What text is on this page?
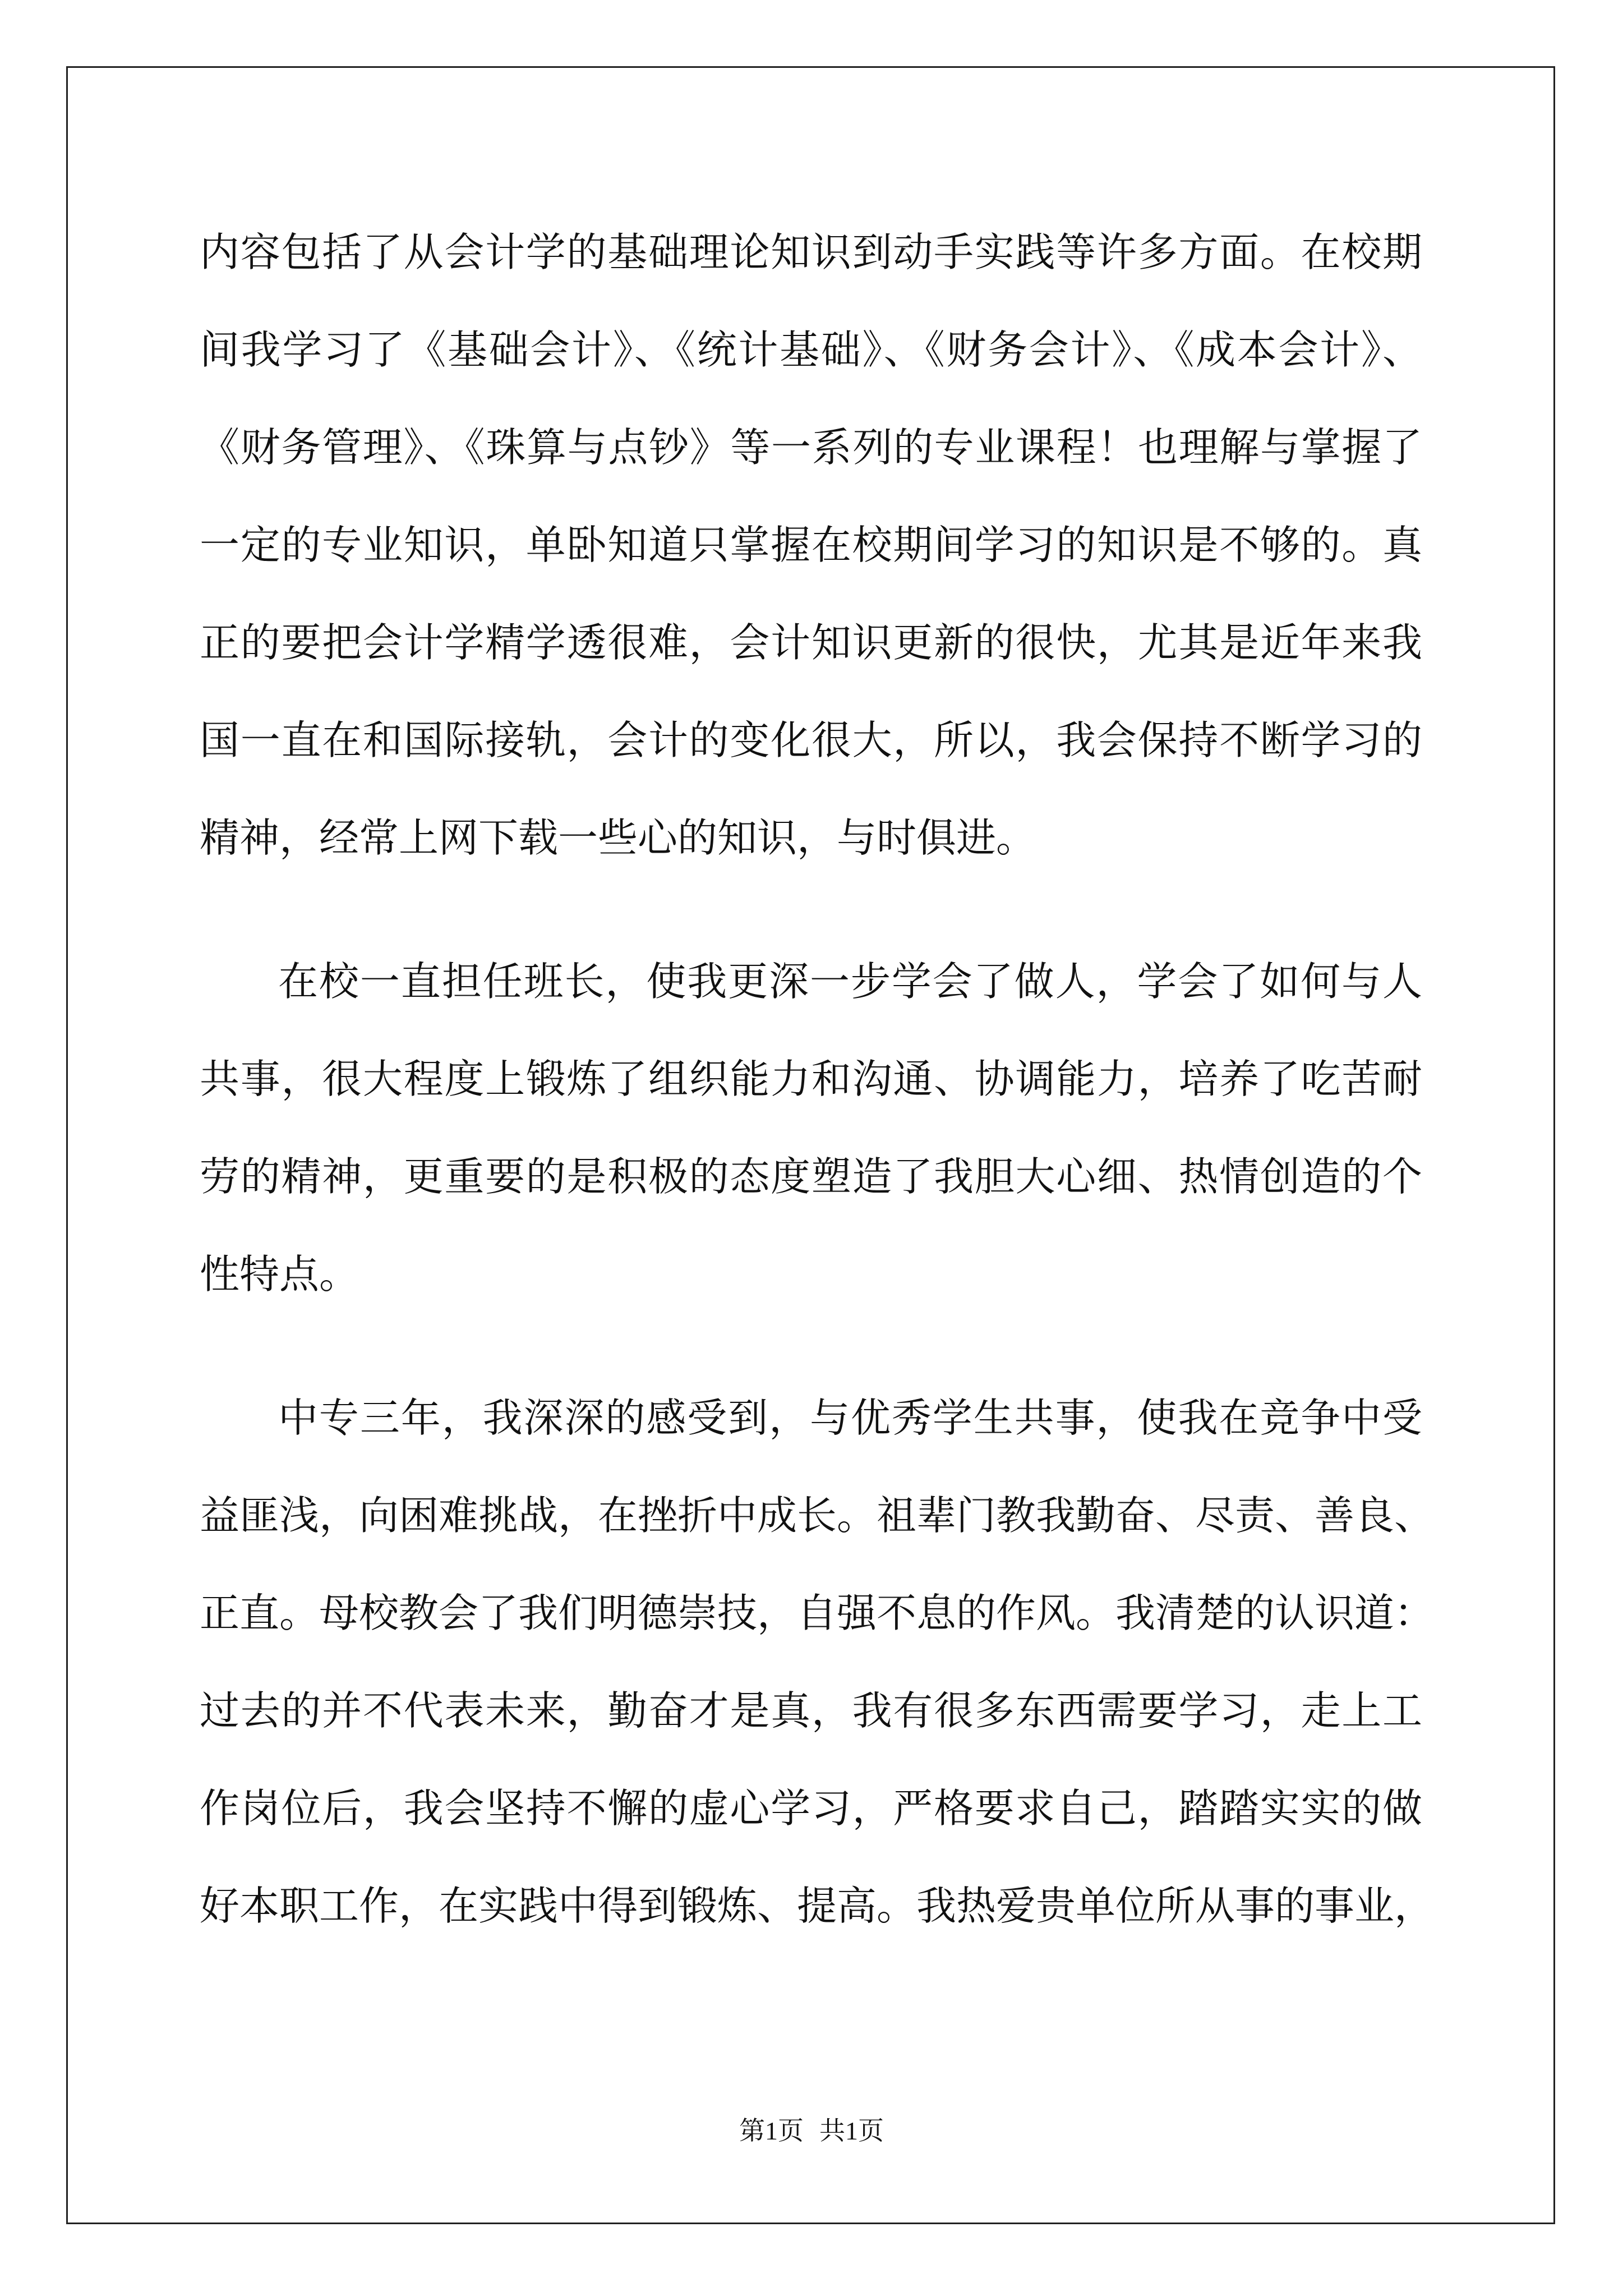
内容包括了从会计学的基础理论知识到动手实践等许多方面。在校期
间我学习了《基础会计》、《统计基础》、《财务会计》、《成本会计》、
《财务管理》、《珠算与点钞》等一系列的专业课程！也理解与掌握了
一定的专业知识，单卧知道只掌握在校期间学习的知识是不够的。真
正的要把会计学精学透很难，会计知识更新的很快，尤其是近年来我
国一直在和国际接轨，会计的变化很大，所以，我会保持不断学习的
精神，经常上网下载一些心的知识，与时俱进。
在校一直担任班长，使我更深一步学会了做人，学会了如何与人
共事，很大程度上锻炼了组织能力和沟通、协调能力，培养了吃苦耐
劳的精神，更重要的是积极的态度塑造了我胆大心细、热情创造的个
性特点。
中专三年，我深深的感受到，与优秀学生共事，使我在竞争中受
益匪浅，向困难挑战，在挫折中成长。祖辈门教我勤奋、尽责、善良、
正直。母校教会了我们明德崇技，自强不息的作风。我清楚的认识道：
过去的并不代表未来，勤奋才是真，我有很多东西需要学习，走上工
作岗位后，我会坚持不懈的虚心学习，严格要求自己，踏踏实实的做
好本职工作，在实践中得到锻炼、提高。我热爱贵单位所从事的事业，
第1页 共1页
